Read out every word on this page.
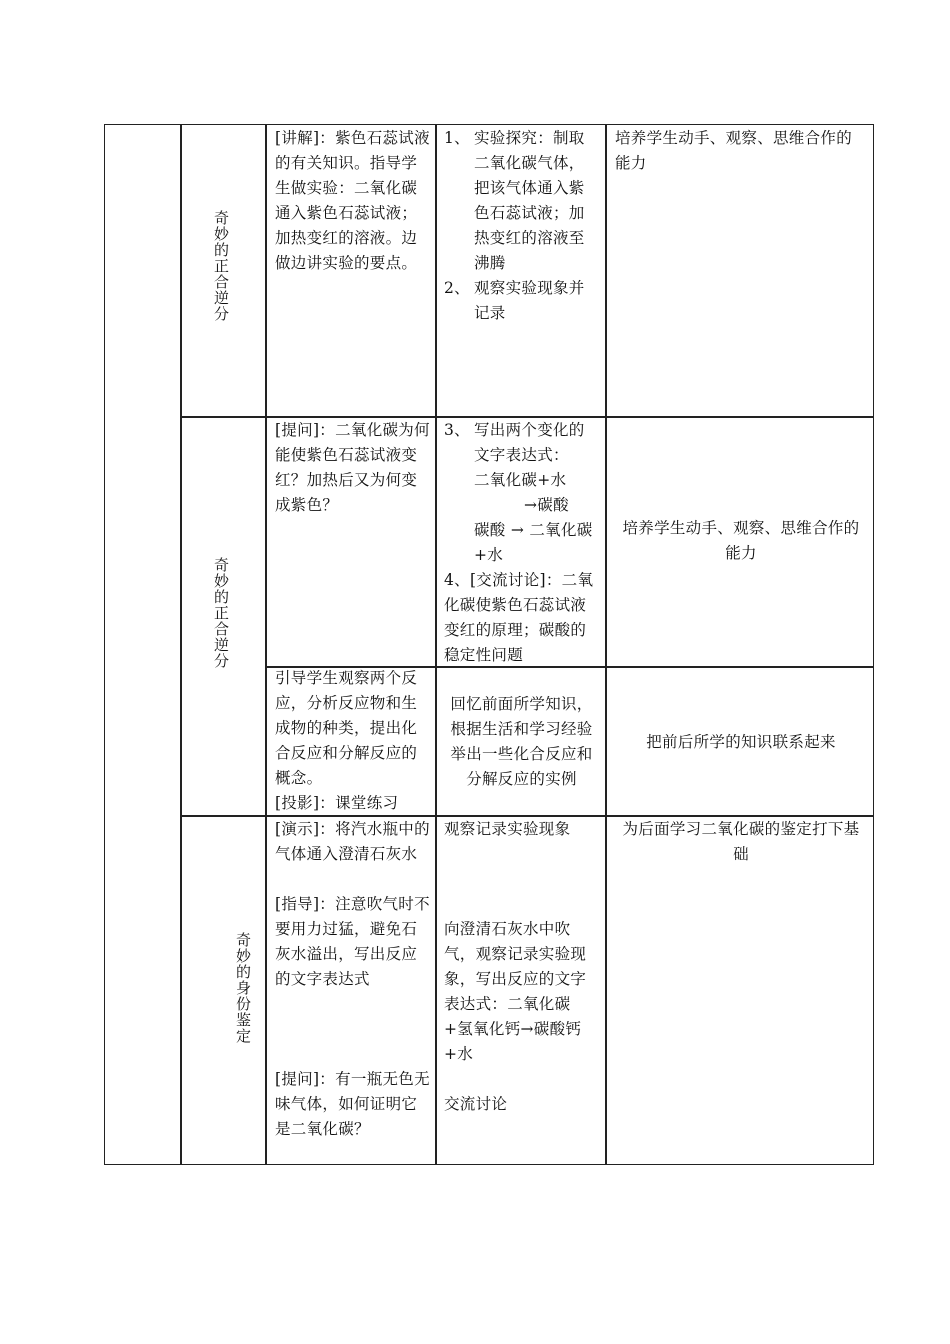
奇妙的正合逆分
[讲解]：紫色石蕊试液的有关知识。指导学生做实验：二氧化碳通入紫色石蕊试液；加热变红的溶液。边做边讲实验的要点。
1、 实验探究：制取二氧化碳气体，把该气体通入紫色石蕊试液；加热变红的溶液至沸腾
2、 观察实验现象并记录
培养学生动手、观察、思维合作的能力
奇妙的正合逆分
[提问]：二氧化碳为何能使紫色石蕊试液变红？加热后又为何变成紫色？
3、 写出两个变化的文字表达式：
二氧化碳+水
→碳酸
碳酸 → 二氧化碳+水
4、[交流讨论]：二氧化碳使紫色石蕊试液变红的原理；碳酸的稳定性问题
培养学生动手、观察、思维合作的能力
引导学生观察两个反应，分析反应物和生成物的种类，提出化合反应和分解反应的概念。
[投影]：课堂练习
回忆前面所学知识，根据生活和学习经验举出一些化合反应和分解反应的实例
把前后所学的知识联系起来
奇妙的身份鉴定
[演示]：将汽水瓶中的气体通入澄清石灰水
[指导]：注意吹气时不要用力过猛，避免石灰水溢出，写出反应的文字表达式
[提问]：有一瓶无色无味气体，如何证明它是二氧化碳？
观察记录实验现象
向澄清石灰水中吹气，观察记录实验现象，写出反应的文字表达式：二氧化碳+氢氧化钙→碳酸钙+水
交流讨论
为后面学习二氧化碳的鉴定打下基础
